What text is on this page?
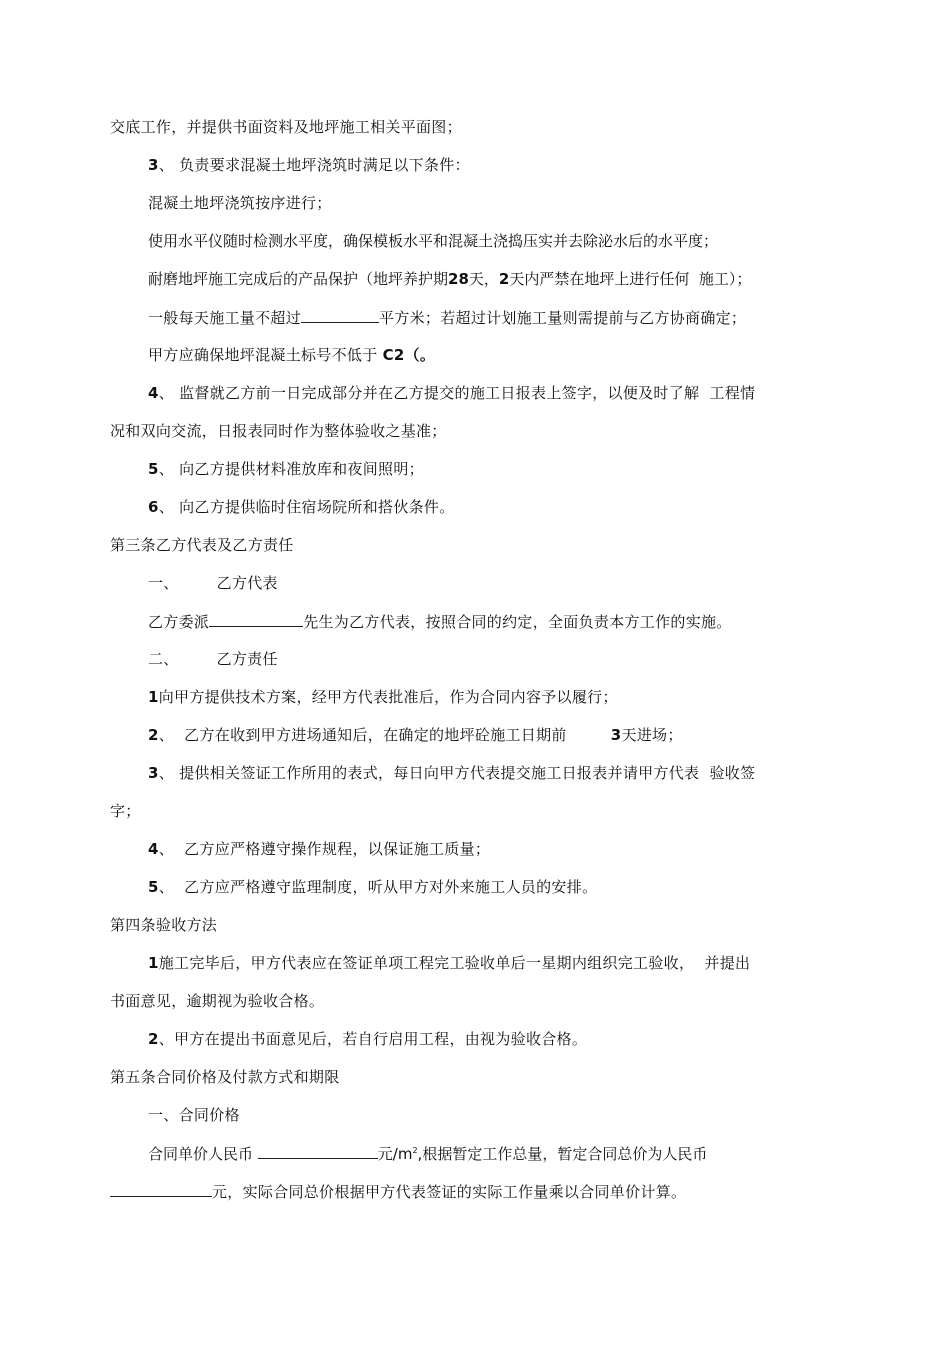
交底工作，并提供书面资料及地坪施工相关平面图；
3、 负责要求混凝土地坪浇筑时满足以下条件：
混凝土地坪浇筑按序进行；
使用水平仪随时检测水平度，确保模板水平和混凝土浇捣压实并去除泌水后的水平度；
耐磨地坪施工完成后的产品保护（地坪养护期28天，2天内严禁在地坪上进行任何  施工）；
一般每天施工量不超过	平方米；若超过计划施工量则需提前与乙方协商确定；
甲方应确保地坪混凝土标号不低于 C2（。
4、 监督就乙方前一日完成部分并在乙方提交的施工日报表上签字，以便及时了解  工程情
况和双向交流，日报表同时作为整体验收之基准；
5、 向乙方提供材料准放库和夜间照明；
6、 向乙方提供临时住宿场院所和搭伙条件。
第三条乙方代表及乙方责任
一、	乙方代表
乙方委派	先生为乙方代表，按照合同的约定，全面负责本方工作的实施。
二、	乙方责任
1向甲方提供技术方案，经甲方代表批准后，作为合同内容予以履行；
2、  乙方在收到甲方进场通知后，在确定的地坪砼施工日期前	3天进场；
3、 提供相关签证工作所用的表式，每日向甲方代表提交施工日报表并请甲方代表  验收签
字；
4、  乙方应严格遵守操作规程，以保证施工质量；
5、  乙方应严格遵守监理制度，听从甲方对外来施工人员的安排。
第四条验收方法
1施工完毕后，甲方代表应在签证单项工程完工验收单后一星期内组织完工验收，  并提出
书面意见，逾期视为验收合格。
2、甲方在提出书面意见后，若自行启用工程，由视为验收合格。
第五条合同价格及付款方式和期限
一、合同价格
合同单价人民币	元$/m^2$,根据暂定工作总量，暂定合同总价为人民币
元，实际合同总价根据甲方代表签证的实际工作量乘以合同单价计算。
